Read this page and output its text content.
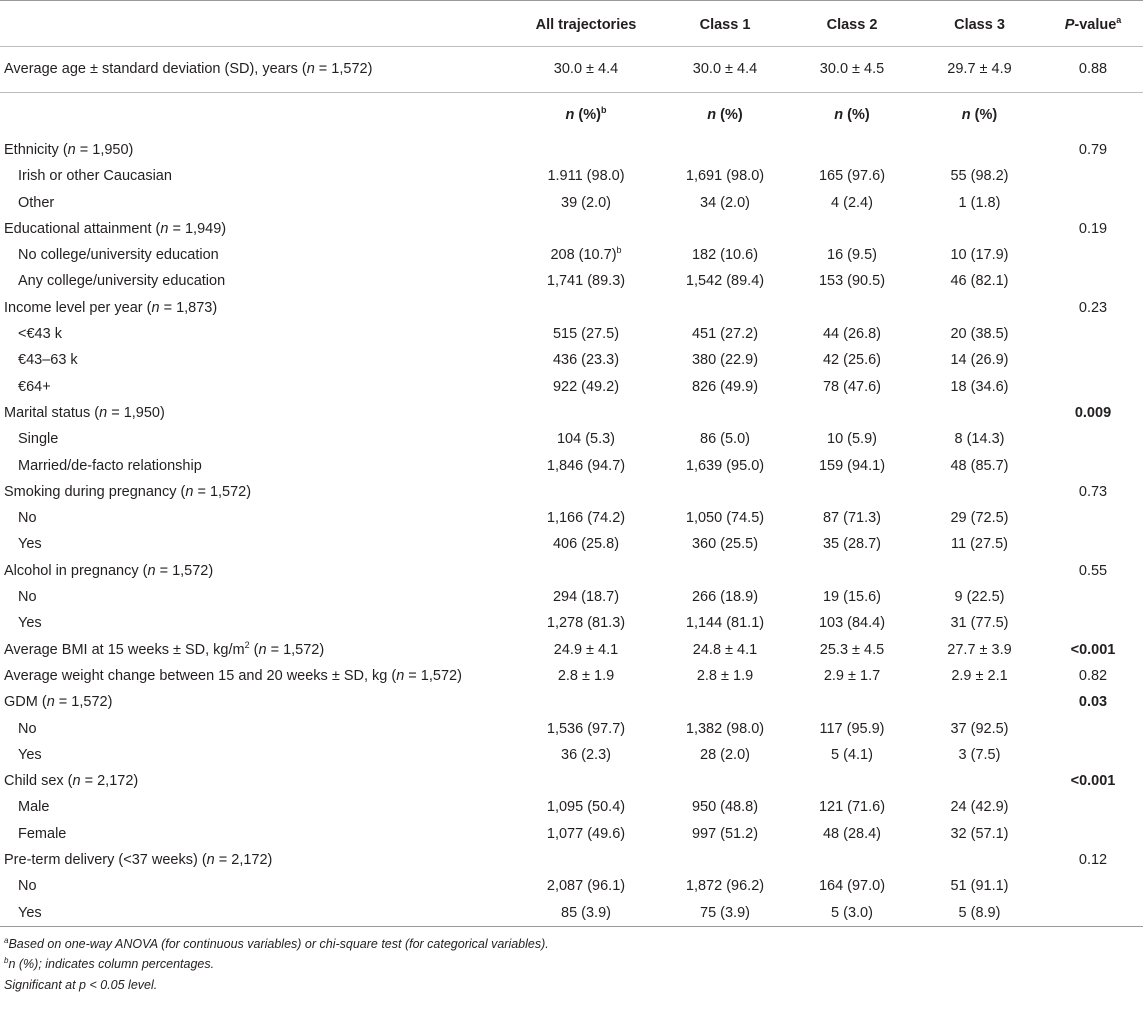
	All trajectories	Class 1	Class 2	Class 3	P-value$^a$
Average age ± standard deviation (SD), years (n = 1,572)	30.0 ± 4.4	30.0 ± 4.4	30.0 ± 4.5	29.7 ± 4.9	0.88
	n (%)$^b$	n (%)	n (%)	n (%)	
Ethnicity (n = 1,950)					0.79
Irish or other Caucasian	1.911 (98.0)	1,691 (98.0)	165 (97.6)	55 (98.2)	
Other	39 (2.0)	34 (2.0)	4 (2.4)	1 (1.8)	
Educational attainment (n = 1,949)					0.19
No college/university education	208 $(10.7)^b$	182 (10.6)	16 (9.5)	10 (17.9)	
Any college/university education	1,741 (89.3)	1,542 (89.4)	153 (90.5)	46 (82.1)	
Income level per year (n = 1,873)					0.23
<€43 k	515 (27.5)	451 (27.2)	44 (26.8)	20 (38.5)	
€43–63 k	436 (23.3)	380 (22.9)	42 (25.6)	14 (26.9)	
€64+	922 (49.2)	826 (49.9)	78 (47.6)	18 (34.6)	
Marital status (n = 1,950)					0.009
Single	104 (5.3)	86 (5.0)	10 (5.9)	8 (14.3)	
Married/de-facto relationship	1,846 (94.7)	1,639 (95.0)	159 (94.1)	48 (85.7)	
Smoking during pregnancy (n = 1,572)					0.73
No	1,166 (74.2)	1,050 (74.5)	87 (71.3)	29 (72.5)	
Yes	406 (25.8)	360 (25.5)	35 (28.7)	11 (27.5)	
Alcohol in pregnancy (n = 1,572)					0.55
No	294 (18.7)	266 (18.9)	19 (15.6)	9 (22.5)	
Yes	1,278 (81.3)	1,144 (81.1)	103 (84.4)	31 (77.5)	
Average BMI at 15 weeks ± SD, $kg/m^2$ (n = 1,572)	24.9 ± 4.1	24.8 ± 4.1	25.3 ± 4.5	27.7 ± 3.9	<0.001
Average weight change between 15 and 20 weeks ± SD, kg (n = 1,572)	2.8 ± 1.9	2.8 ± 1.9	2.9 ± 1.7	2.9 ± 2.1	0.82
GDM (n = 1,572)					0.03
No	1,536 (97.7)	1,382 (98.0)	117 (95.9)	37 (92.5)	
Yes	36 (2.3)	28 (2.0)	5 (4.1)	3 (7.5)	
Child sex (n = 2,172)					<0.001
Male	1,095 (50.4)	950 (48.8)	121 (71.6)	24 (42.9)	
Female	1,077 (49.6)	997 (51.2)	48 (28.4)	32 (57.1)	
Pre-term delivery (<37 weeks) (n = 2,172)					0.12
No	2,087 (96.1)	1,872 (96.2)	164 (97.0)	51 (91.1)	
Yes	85 (3.9)	75 (3.9)	5 (3.0)	5 (8.9)	
$^a$Based on one-way ANOVA (for continuous variables) or chi-square test (for categorical variables).
$^b$n (%); indicates column percentages.
Significant at p < 0.05 level.
